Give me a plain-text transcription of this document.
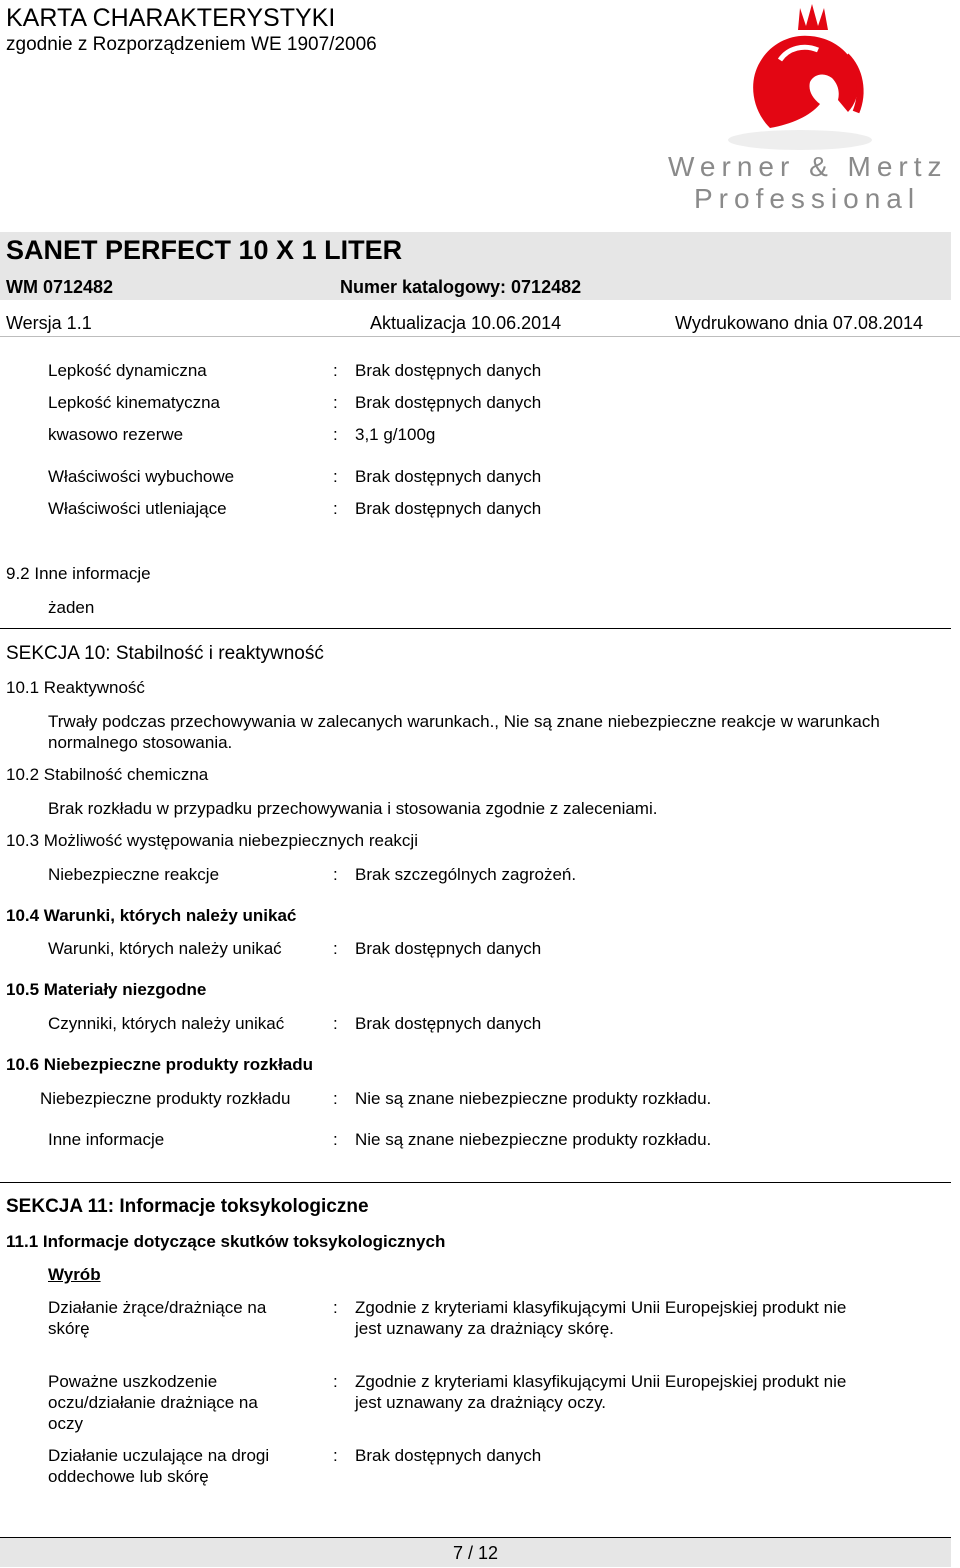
KARTA CHARAKTERYSTYKI
zgodnie z Rozporządzeniem WE 1907/2006
Werner & Mertz
Professional
SANET PERFECT 10 X 1 LITER
WM 0712482	Numer katalogowy: 0712482
Wersja 1.1	Aktualizacja 10.06.2014	Wydrukowano dnia 07.08.2014
Lepkość dynamiczna	: Brak dostępnych danych
Lepkość kinematyczna	: Brak dostępnych danych
kwasowo rezerwe	: 3,1 g/100g
Właściwości wybuchowe	: Brak dostępnych danych
Właściwości utleniające	: Brak dostępnych danych
9.2 Inne informacje
żaden
SEKCJA 10: Stabilność i reaktywność
10.1 Reaktywność
Trwały podczas przechowywania w zalecanych warunkach., Nie są znane niebezpieczne reakcje w warunkach
normalnego stosowania.
10.2 Stabilność chemiczna
Brak rozkładu w przypadku przechowywania i stosowania zgodnie z zaleceniami.
10.3 Możliwość występowania niebezpiecznych reakcji
Niebezpieczne reakcje	: Brak szczególnych zagrożeń.
10.4 Warunki, których należy unikać
Warunki, których należy unikać	: Brak dostępnych danych
10.5 Materiały niezgodne
Czynniki, których należy unikać	: Brak dostępnych danych
10.6 Niebezpieczne produkty rozkładu
Niebezpieczne produkty rozkładu	: Nie są znane niebezpieczne produkty rozkładu.
Inne informacje	: Nie są znane niebezpieczne produkty rozkładu.
SEKCJA 11: Informacje toksykologiczne
11.1 Informacje dotyczące skutków toksykologicznych
Wyrób
Działanie żrące/drażniące na
skórę
: Zgodnie z kryteriami klasyfikującymi Unii Europejskiej produkt nie
jest uznawany za drażniący skórę.
Poważne uszkodzenie
oczu/działanie drażniące na
oczy
: Zgodnie z kryteriami klasyfikującymi Unii Europejskiej produkt nie
jest uznawany za drażniący oczy.
Działanie uczulające na drogi
oddechowe lub skórę
: Brak dostępnych danych
7 / 12
